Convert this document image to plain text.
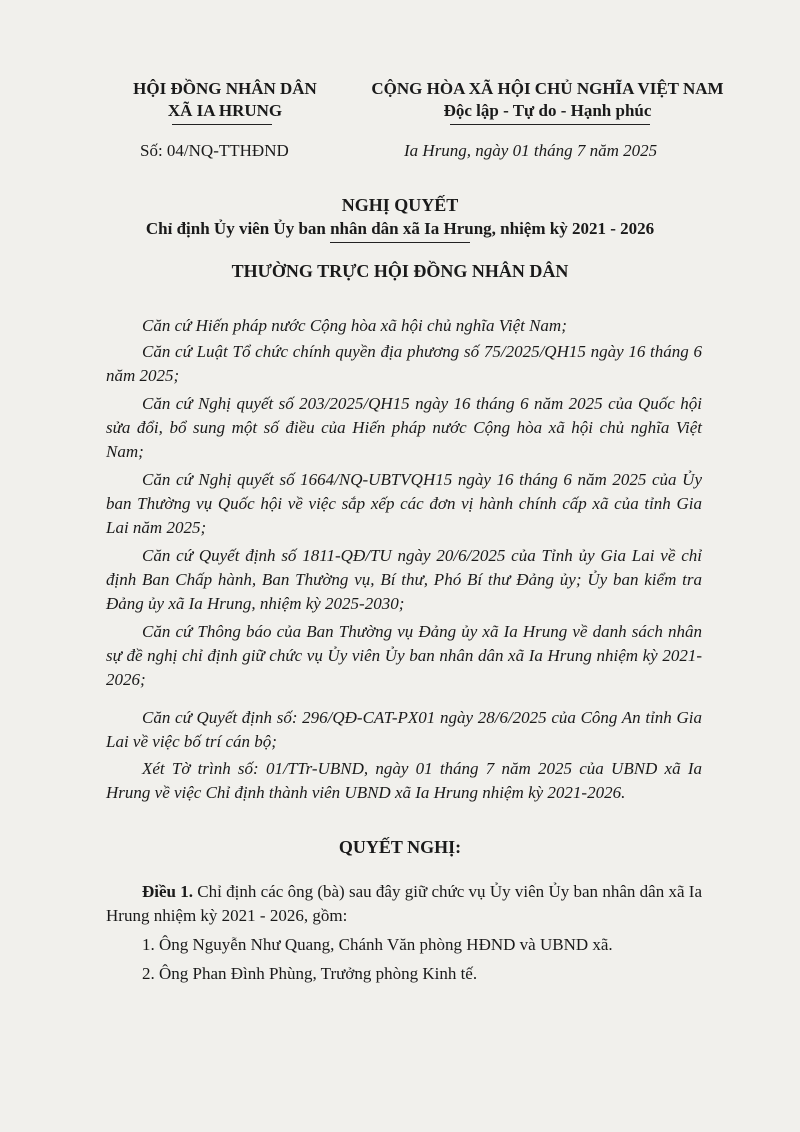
HỘI ĐỒNG NHÂN DÂN
XÃ IA HRUNG
Số: 04/NQ-TTHĐND
CỘNG HÒA XÃ HỘI CHỦ NGHĨA VIỆT NAM
Độc lập - Tự do - Hạnh phúc
Ia Hrung, ngày 01 tháng 7 năm 2025
NGHỊ QUYẾT
Chỉ định Ủy viên Ủy ban nhân dân xã Ia Hrung, nhiệm kỳ 2021 - 2026
THƯỜNG TRỰC HỘI ĐỒNG NHÂN DÂN
Căn cứ Hiến pháp nước Cộng hòa xã hội chủ nghĩa Việt Nam;
Căn cứ Luật Tổ chức chính quyền địa phương số 75/2025/QH15 ngày 16 tháng 6 năm 2025;
Căn cứ Nghị quyết số 203/2025/QH15 ngày 16 tháng 6 năm 2025 của Quốc hội sửa đổi, bổ sung một số điều của Hiến pháp nước Cộng hòa xã hội chủ nghĩa Việt Nam;
Căn cứ Nghị quyết số 1664/NQ-UBTVQH15 ngày 16 tháng 6 năm 2025 của Ủy ban Thường vụ Quốc hội về việc sắp xếp các đơn vị hành chính cấp xã của tỉnh Gia Lai năm 2025;
Căn cứ Quyết định số 1811-QĐ/TU ngày 20/6/2025 của Tỉnh ủy Gia Lai về chỉ định Ban Chấp hành, Ban Thường vụ, Bí thư, Phó Bí thư Đảng ủy; Ủy ban kiểm tra Đảng ủy xã Ia Hrung, nhiệm kỳ 2025-2030;
Căn cứ Thông báo của Ban Thường vụ Đảng ủy xã Ia Hrung về danh sách nhân sự đề nghị chỉ định giữ chức vụ Ủy viên Ủy ban nhân dân xã Ia Hrung nhiệm kỳ 2021-2026;
Căn cứ Quyết định số: 296/QĐ-CAT-PX01 ngày 28/6/2025 của Công An tỉnh Gia Lai về việc bố trí cán bộ;
Xét Tờ trình số: 01/TTr-UBND, ngày 01 tháng 7 năm 2025 của UBND xã Ia Hrung về việc Chỉ định thành viên UBND xã Ia Hrung nhiệm kỳ 2021-2026.
QUYẾT NGHỊ:
Điều 1. Chỉ định các ông (bà) sau đây giữ chức vụ Ủy viên Ủy ban nhân dân xã Ia Hrung nhiệm kỳ 2021 - 2026, gồm:
1. Ông Nguyễn Như Quang, Chánh Văn phòng HĐND và UBND xã.
2. Ông Phan Đình Phùng, Trưởng phòng Kinh tế.
